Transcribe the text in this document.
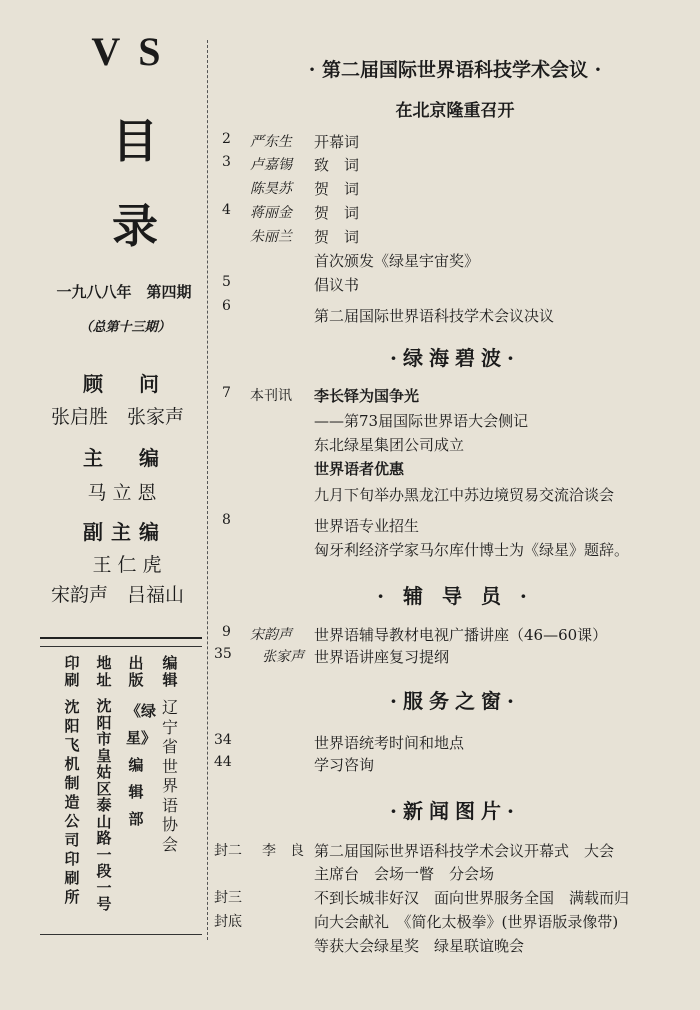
VS
目
录
一九八八年　第四期
（总第十三期）
顾　问
张启胜　张家声
主　编
马立恩
副主编
王仁虎
宋韵声　吕福山
编辑
辽宁省世界语协会
出版
《绿星》编辑部
地址
沈阳市皇姑区泰山路一段一号
印刷
沈阳飞机制造公司印刷所
· 第二届国际世界语科技学术会议 ·
在北京隆重召开
2 严东生 开幕词
3 卢嘉锡 致　词
陈昊苏 贺　词
4 蒋丽金 贺　词
朱丽兰 贺　词
首次颁发《绿星宇宙奖》
5	倡议书
6
第二届国际世界语科技学术会议决议
·绿海碧波·
7 本刊讯 李长铎为国争光
——第73届国际世界语大会侧记
东北绿星集团公司成立
世界语者优惠
九月下旬举办黑龙江中苏边境贸易交流洽谈会
8	世界语专业招生
匈牙利经济学家马尔库什博士为《绿星》题辞。
· 辅 导 员 ·
9 宋韵声 世界语辅导教材电视广播讲座（46—60课）
35 张家声 世界语讲座复习提纲
·服务之窗·
34	世界语统考时间和地点
44	学习咨询
·新闻图片·
封二 李　良 第二届国际世界语科技学术会议开幕式　大会
主席台　会场一瞥　分会场
封三	不到长城非好汉　面向世界服务全国　满载而归
封底	向大会献礼　《简化太极拳》(世界语版录像带)
等获大会绿星奖　绿星联谊晚会
